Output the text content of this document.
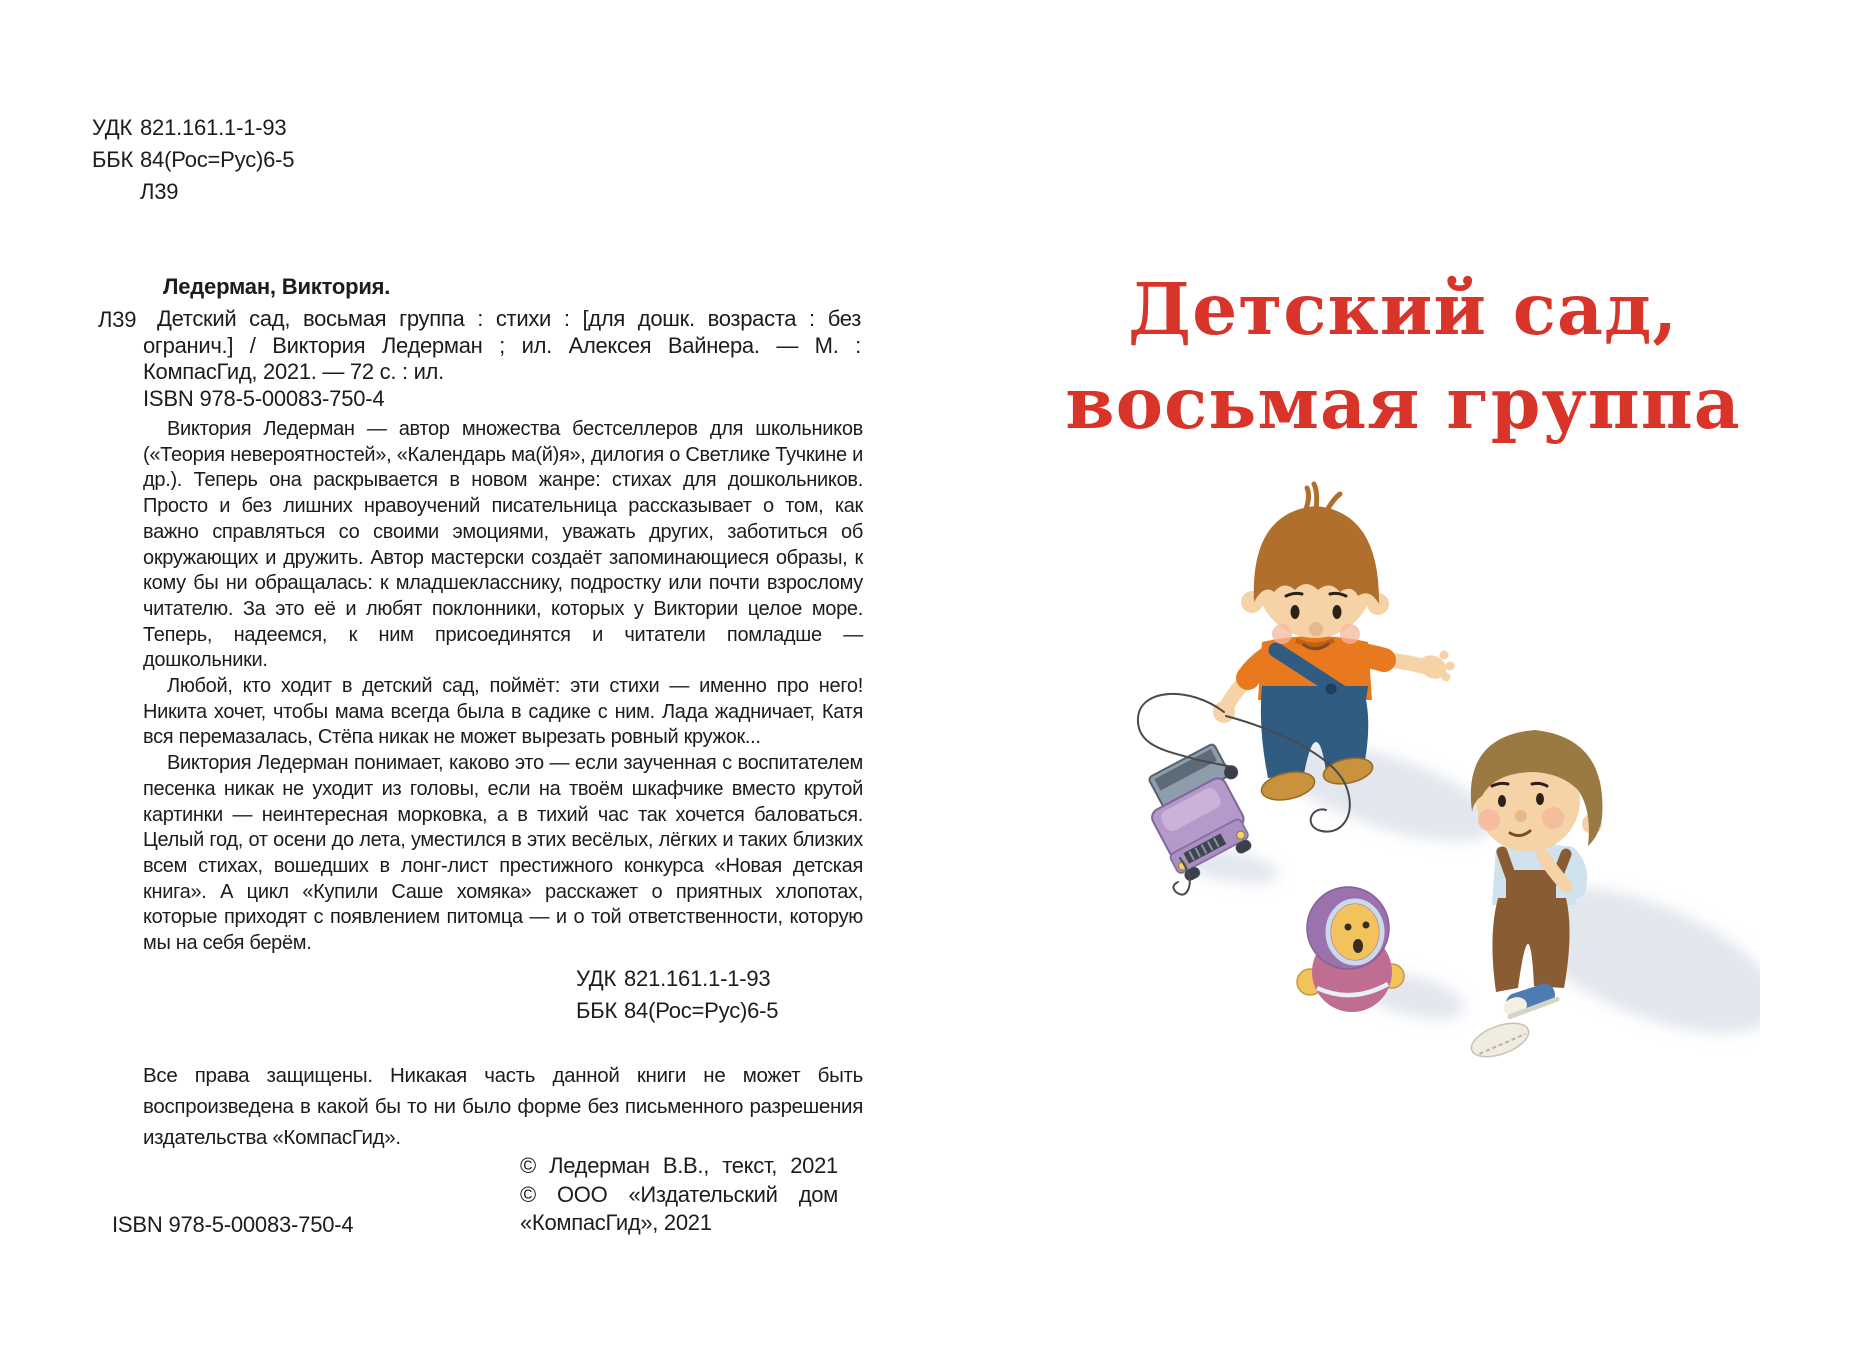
УДК 821.161.1-1-93
ББК 84(Рос=Рус)6-5
Л39
Ледерман, Виктория.
Л39 Детский сад, восьмая группа : стихи : [для дошк. возраста : без огранич.] / Виктория Ледерман ; ил. Алексея Вайнера. — М. : КомпасГид, 2021. — 72 с. : ил.
ISBN 978-5-00083-750-4

Виктория Ледерман — автор множества бестселлеров для школьников («Теория невероятностей», «Календарь ма(й)я», дилогия о Светлике Тучкине и др.). Теперь она раскрывается в новом жанре: стихах для дошкольников. Просто и без лишних нравоучений писательница рассказывает о том, как важно справляться со своими эмоциями, уважать других, заботиться об окружающих и дружить. Автор мастерски создаёт запоминающиеся образы, к кому бы ни обращалась: к младшекласснику, подростку или почти взрослому читателю. За это её и любят поклонники, которых у Виктории целое море. Теперь, надеемся, к ним присоединятся и читатели помладше — дошкольники.

Любой, кто ходит в детский сад, поймёт: эти стихи — именно про него! Никита хочет, чтобы мама всегда была в садике с ним. Лада жадничает, Катя вся перемазалась, Стёпа никак не может вырезать ровный кружок...

Виктория Ледерман понимает, каково это — если заученная с воспитателем песенка никак не уходит из головы, если на твоём шкафчике вместо крутой картинки — неинтересная морковка, а в тихий час так хочется баловаться. Целый год, от осени до лета, уместился в этих весёлых, лёгких и таких близких всем стихах, вошедших в лонг-лист престижного конкурса «Новая детская книга». А цикл «Купили Саше хомяка» расскажет о приятных хлопотах, которые приходят с появлением питомца — и о той ответственности, которую мы на себя берём.

УДК 821.161.1-1-93
ББК 84(Рос=Рус)6-5
Все права защищены. Никакая часть данной книги не может быть воспроизведена в какой бы то ни было форме без письменного разрешения издательства «КомпасГид».
© Ледерман В.В., текст, 2021
© ООО «Издательский дом
«КомпасГид», 2021
ISBN 978-5-00083-750-4
Детский сад,
восьмая группа
